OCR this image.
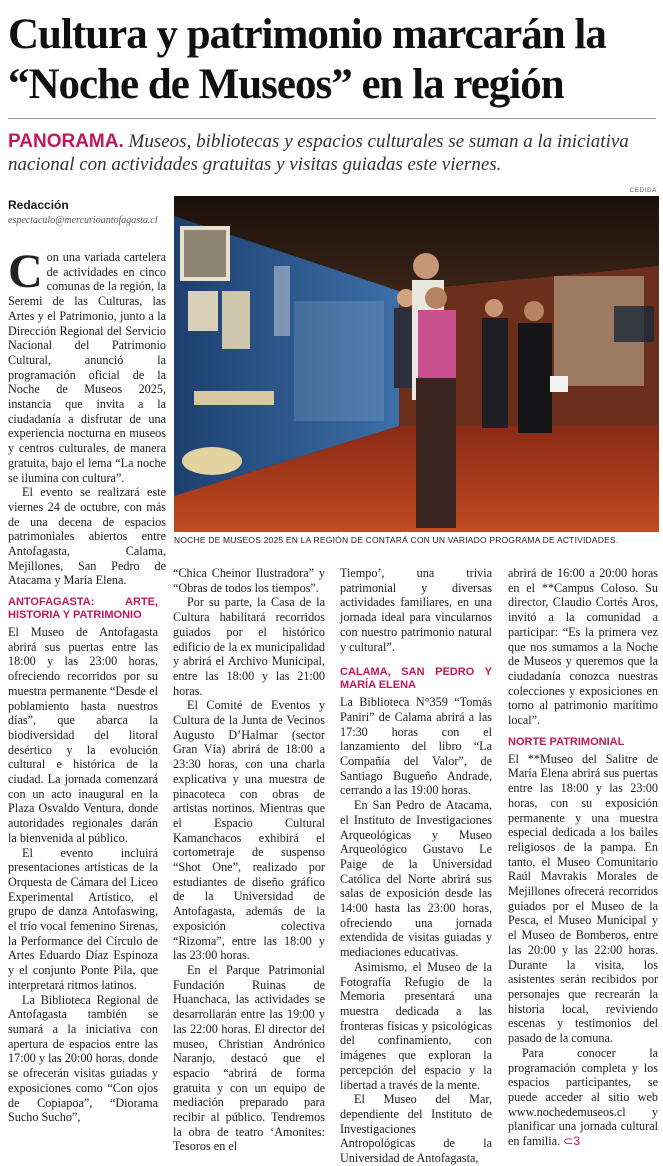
Cultura y patrimonio marcarán la “Noche de Museos” en la región
PANORAMA. Museos, bibliotecas y espacios culturales se suman a la iniciativa nacional con actividades gratuitas y visitas guiadas este viernes.
Redacción
espectaculo@mercurioantofagasta.cl
CEDIDA
NOCHE DE MUSEOS 2025 EN LA REGIÓN DE CONTARÁ CON UN VARIADO PROGRAMA DE ACTIVIDADES.

Con una variada cartelera de actividades en cinco comunas de la región, la Seremi de las Culturas, las Artes y el Patrimonio, junto a la Dirección Regional del Servicio Nacional del Patrimonio Cultural, anunció la programación oficial de la Noche de Museos 2025, instancia que invita a la ciudadanía a disfrutar de una experiencia nocturna en museos y centros culturales, de manera gratuita, bajo el lema “La noche se ilumina con cultura”.

El evento se realizará este viernes 24 de octubre, con más de una decena de espacios patrimoniales abiertos entre Antofagasta, Calama, Mejillones, San Pedro de Atacama y María Elena.

ANTOFAGASTA: ARTE, HISTORIA Y PATRIMONIO

El Museo de Antofagasta abrirá sus puertas entre las 18:00 y las 23:00 horas, ofreciendo recorridos por su muestra permanente “Desde el poblamiento hasta nuestros días”, que abarca la biodiversidad del litoral desértico y la evolución cultural e histórica de la ciudad. La jornada comenzará con un acto inaugural en la Plaza Osvaldo Ventura, donde autoridades regionales darán la bienvenida al público.

El evento incluirá presentaciones artísticas de la Orquesta de Cámara del Liceo Experimental Artístico, el grupo de danza Antofaswing, el trío vocal femenino Sirenas, la Performance del Círculo de Artes Eduardo Díaz Espinoza y el conjunto Ponte Pila, que interpretará ritmos latinos.

La Biblioteca Regional de Antofagasta también se sumará a la iniciativa con apertura de espacios entre las 17:00 y las 20:00 horas, donde se ofrecerán visitas guiadas y exposiciones como “Con ojos de Copiapoa”, “Diorama Sucho Sucho”,

“Chica Cheinor Ilustradora” y “Obras de todos los tiempos”.

Por su parte, la Casa de la Cultura habilitará recorridos guiados por el histórico edificio de la ex municipalidad y abrirá el Archivo Municipal, entre las 18:00 y las 21:00 horas.

El Comité de Eventos y Cultura de la Junta de Vecinos Augusto D’Halmar (sector Gran Vía) abrirá de 18:00 a 23:30 horas, con una charla explicativa y una muestra de pinacoteca con obras de artistas nortinos. Mientras que el Espacio Cultural Kamanchacos exhibirá el cortometraje de suspenso “Shot One”, realizado por estudiantes de diseño gráfico de la Universidad de Antofagasta, además de la exposición colectiva “Rizoma”, entre las 18:00 y las 23:00 horas.

En el Parque Patrimonial Fundación Ruinas de Huanchaca, las actividades se desarrollarán entre las 19:00 y las 22:00 horas. El director del museo, Christian Andrónico Naranjo, destacó que el espacio “abrirá de forma gratuita y con un equipo de mediación preparado para recibir al público. Tendremos la obra de teatro ‘Amonites: Tesoros en el

Tiempo’, una trivia patrimonial y diversas actividades familiares, en una jornada ideal para vincularnos con nuestro patrimonio natural y cultural”.

CALAMA, SAN PEDRO Y MARÍA ELENA

La Biblioteca N°359 “Tomás Paniri” de Calama abrirá a las 17:30 horas con el lanzamiento del libro “La Compañía del Valor”, de Santiago Bugueño Andrade, cerrando a las 19:00 horas.

En San Pedro de Atacama, el Instituto de Investigaciones Arqueológicas y Museo Arqueológico Gustavo Le Paige de la Universidad Católica del Norte abrirá sus salas de exposición desde las 14:00 hasta las 23:00 horas, ofreciendo una jornada extendida de visitas guiadas y mediaciones educativas.

Asimismo, el Museo de la Fotografía Refugio de la Memoria presentará una muestra dedicada a las fronteras físicas y psicológicas del confinamiento, con imágenes que exploran la percepción del espacio y la libertad a través de la mente.

El Museo del Mar, dependiente del Instituto de Investigaciones Antropológicas de la Universidad de Antofagasta,

abrirá de 16:00 a 20:00 horas en el **Campus Coloso. Su director, Claudio Cortés Aros, invitó a la comunidad a participar: “Es la primera vez que nos sumamos a la Noche de Museos y queremos que la ciudadanía conozca nuestras colecciones y exposiciones en torno al patrimonio marítimo local”.

NORTE PATRIMONIAL

El **Museo del Salitre de María Elena abrirá sus puertas entre las 18:00 y las 23:00 horas, con su exposición permanente y una muestra especial dedicada a los bailes religiosos de la pampa. En tanto, el Museo Comunitario Raúl Mavrakis Morales de Mejillones ofrecerá recorridos guiados por el Museo de la Pesca, el Museo Municipal y el Museo de Bomberos, entre las 20:00 y las 22:00 horas. Durante la visita, los asistentes serán recibidos por personajes que recrearán la historia local, reviviendo escenas y testimonios del pasado de la comuna.

Para conocer la programación completa y los espacios participantes, se puede acceder al sitio web www.nochedemuseos.cl y planificar una jornada cultural en familia. ⊂3
